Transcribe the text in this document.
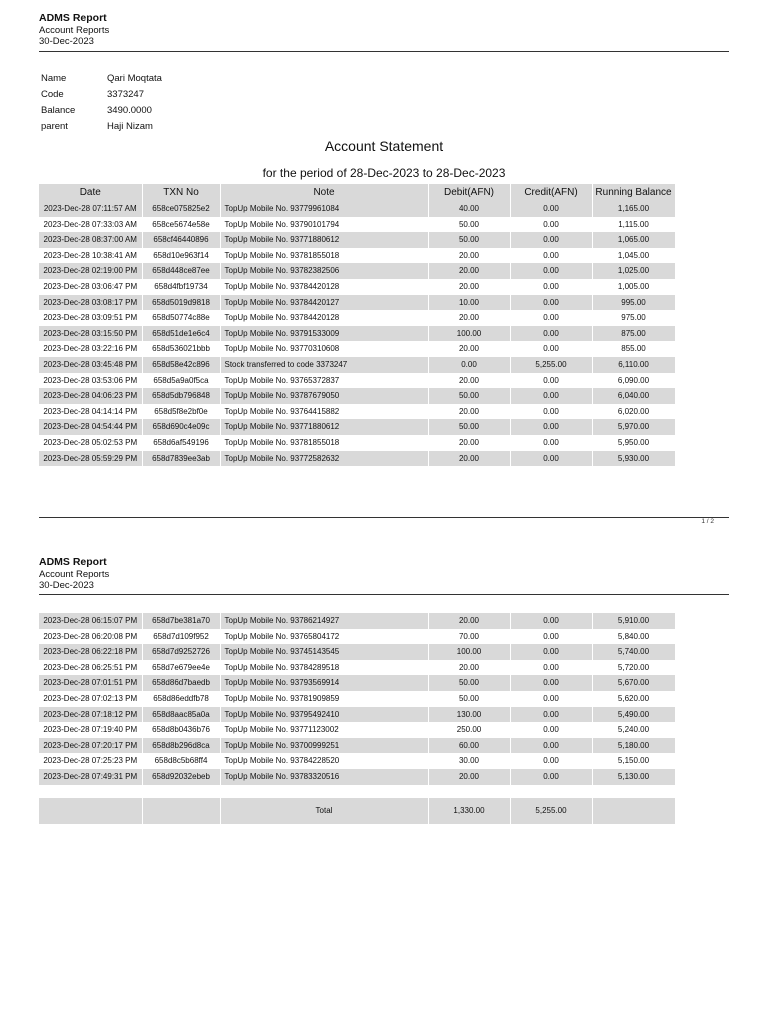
ADMS Report
Account Reports
30-Dec-2023
Name	Qari Moqtata
Code	3373247
Balance	3490.0000
parent	Haji Nizam
Account Statement
for the period of 28-Dec-2023 to 28-Dec-2023
Date	TXN No	Note	Debit(AFN)	Credit(AFN)	Running Balance
2023-Dec-28 07:11:57 AM	658ce075825e2	TopUp Mobile No. 93779961084	40.00	0.00	1,165.00
2023-Dec-28 07:33:03 AM	658ce5674e58e	TopUp Mobile No. 93790101794	50.00	0.00	1,115.00
2023-Dec-28 08:37:00 AM	658cf46440896	TopUp Mobile No. 93771880612	50.00	0.00	1,065.00
2023-Dec-28 10:38:41 AM	658d10e963f14	TopUp Mobile No. 93781855018	20.00	0.00	1,045.00
2023-Dec-28 02:19:00 PM	658d448ce87ee	TopUp Mobile No. 93782382506	20.00	0.00	1,025.00
2023-Dec-28 03:06:47 PM	658d4fbf19734	TopUp Mobile No. 93784420128	20.00	0.00	1,005.00
2023-Dec-28 03:08:17 PM	658d5019d9818	TopUp Mobile No. 93784420127	10.00	0.00	995.00
2023-Dec-28 03:09:51 PM	658d50774c88e	TopUp Mobile No. 93784420128	20.00	0.00	975.00
2023-Dec-28 03:15:50 PM	658d51de1e6c4	TopUp Mobile No. 93791533009	100.00	0.00	875.00
2023-Dec-28 03:22:16 PM	658d536021bbb	TopUp Mobile No. 93770310608	20.00	0.00	855.00
2023-Dec-28 03:45:48 PM	658d58e42c896	Stock transferred to code 3373247	0.00	5,255.00	6,110.00
2023-Dec-28 03:53:06 PM	658d5a9a0f5ca	TopUp Mobile No. 93765372837	20.00	0.00	6,090.00
2023-Dec-28 04:06:23 PM	658d5db796848	TopUp Mobile No. 93787679050	50.00	0.00	6,040.00
2023-Dec-28 04:14:14 PM	658d5f8e2bf0e	TopUp Mobile No. 93764415882	20.00	0.00	6,020.00
2023-Dec-28 04:54:44 PM	658d690c4e09c	TopUp Mobile No. 93771880612	50.00	0.00	5,970.00
2023-Dec-28 05:02:53 PM	658d6af549196	TopUp Mobile No. 93781855018	20.00	0.00	5,950.00
2023-Dec-28 05:59:29 PM	658d7839ee3ab	TopUp Mobile No. 93772582632	20.00	0.00	5,930.00
1 / 2
ADMS Report
Account Reports
30-Dec-2023
2023-Dec-28 06:15:07 PM	658d7be381a70	TopUp Mobile No. 93786214927	20.00	0.00	5,910.00
2023-Dec-28 06:20:08 PM	658d7d109f952	TopUp Mobile No. 93765804172	70.00	0.00	5,840.00
2023-Dec-28 06:22:18 PM	658d7d9252726	TopUp Mobile No. 93745143545	100.00	0.00	5,740.00
2023-Dec-28 06:25:51 PM	658d7e679ee4e	TopUp Mobile No. 93784289518	20.00	0.00	5,720.00
2023-Dec-28 07:01:51 PM	658d86d7baedb	TopUp Mobile No. 93793569914	50.00	0.00	5,670.00
2023-Dec-28 07:02:13 PM	658d86eddfb78	TopUp Mobile No. 93781909859	50.00	0.00	5,620.00
2023-Dec-28 07:18:12 PM	658d8aac85a0a	TopUp Mobile No. 93795492410	130.00	0.00	5,490.00
2023-Dec-28 07:19:40 PM	658d8b0436b76	TopUp Mobile No. 93771123002	250.00	0.00	5,240.00
2023-Dec-28 07:20:17 PM	658d8b296d8ca	TopUp Mobile No. 93700999251	60.00	0.00	5,180.00
2023-Dec-28 07:25:23 PM	658d8c5b68ff4	TopUp Mobile No. 93784228520	30.00	0.00	5,150.00
2023-Dec-28 07:49:31 PM	658d92032ebeb	TopUp Mobile No. 93783320516	20.00	0.00	5,130.00
		Total	1,330.00	5,255.00	
